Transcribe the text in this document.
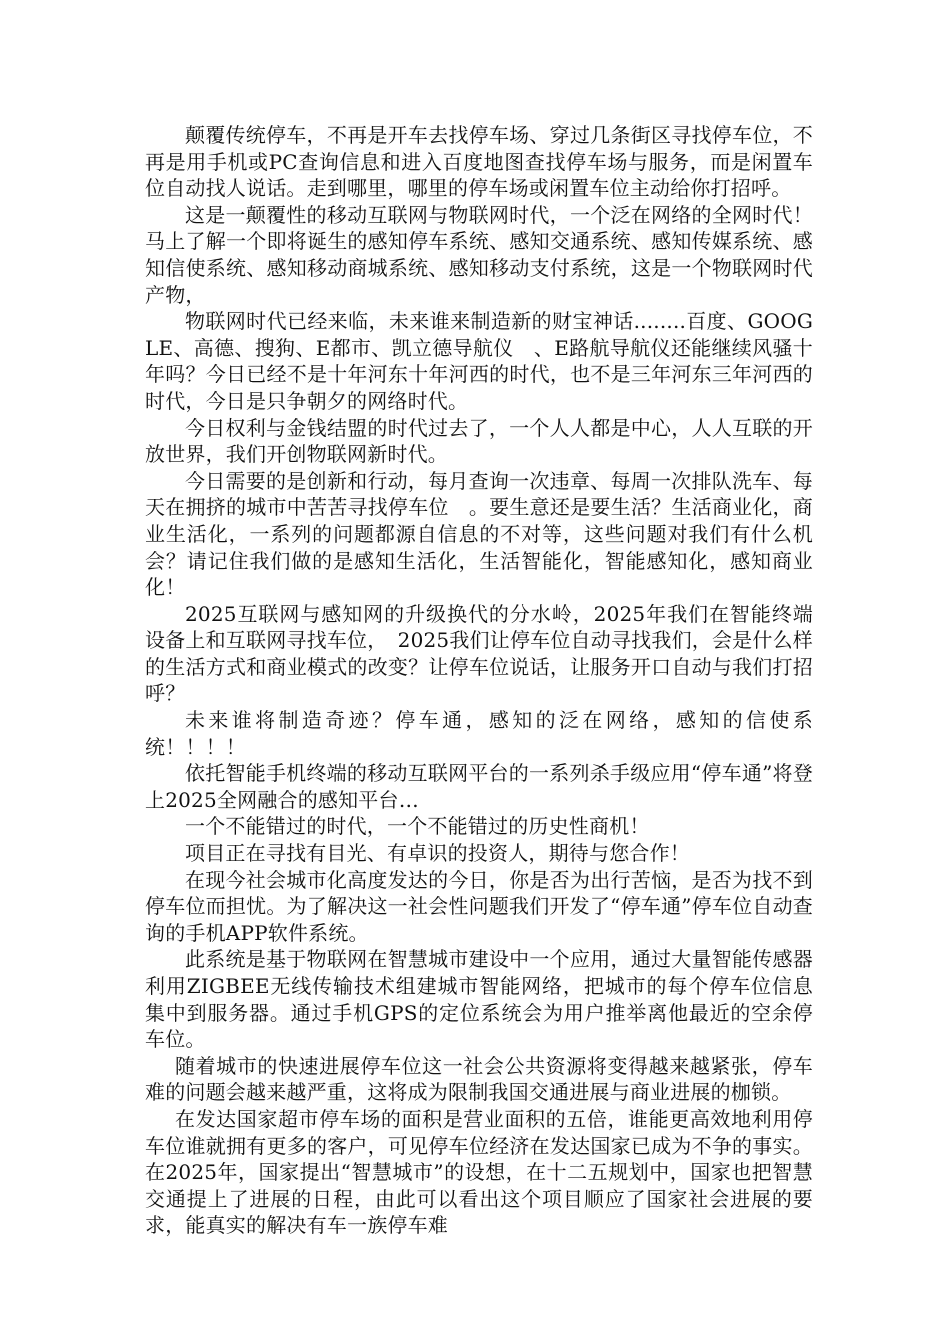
颠覆传统停车，不再是开车去找停车场、穿过几条街区寻找停车位，不再是用手机或PC查询信息和进入百度地图查找停车场与服务，而是闲置车位自动找人说话。走到哪里，哪里的停车场或闲置车位主动给你打招呼。

这是一颠覆性的移动互联网与物联网时代，一个泛在网络的全网时代！马上了解一个即将诞生的感知停车系统、感知交通系统、感知传媒系统、感知信使系统、感知移动商城系统、感知移动支付系统，这是一个物联网时代产物，

物联网时代已经来临，未来谁来制造新的财宝神话........百度、GOOGLE、高德、搜狗、E都市、凯立德导航仪　、E路航导航仪还能继续风骚十年吗？今日已经不是十年河东十年河西的时代，也不是三年河东三年河西的时代，今日是只争朝夕的网络时代。

今日权利与金钱结盟的时代过去了，一个人人都是中心，人人互联的开放世界，我们开创物联网新时代。

今日需要的是创新和行动，每月查询一次违章、每周一次排队洗车、每天在拥挤的城市中苦苦寻找停车位　。要生意还是要生活？生活商业化，商业生活化，一系列的问题都源自信息的不对等，这些问题对我们有什么机会？请记住我们做的是感知生活化，生活智能化，智能感知化，感知商业化！

2025互联网与感知网的升级换代的分水岭，2025年我们在智能终端设备上和互联网寻找车位，　2025我们让停车位自动寻找我们，会是什么样的生活方式和商业模式的改变？让停车位说话，让服务开口自动与我们打招呼？

未来谁将制造奇迹？停车通，感知的泛在网络，感知的信使系统！！！！

依托智能手机终端的移动互联网平台的一系列杀手级应用“停车通”将登上2025全网融合的感知平台…

一个不能错过的时代，一个不能错过的历史性商机！

项目正在寻找有目光、有卓识的投资人，期待与您合作！

在现今社会城市化高度发达的今日，你是否为出行苦恼，是否为找不到停车位而担忧。为了解决这一社会性问题我们开发了“停车通”停车位自动查询的手机APP软件系统。

此系统是基于物联网在智慧城市建设中一个应用，通过大量智能传感器利用ZIGBEE无线传输技术组建城市智能网络，把城市的每个停车位信息集中到服务器。通过手机GPS的定位系统会为用户推举离他最近的空余停车位。

随着城市的快速进展停车位这一社会公共资源将变得越来越紧张，停车难的问题会越来越严重，这将成为限制我国交通进展与商业进展的枷锁。

在发达国家超市停车场的面积是营业面积的五倍，谁能更高效地利用停车位谁就拥有更多的客户，可见停车位经济在发达国家已成为不争的事实。在2025年，国家提出“智慧城市”的设想，在十二五规划中，国家也把智慧交通提上了进展的日程，由此可以看出这个项目顺应了国家社会进展的要求，能真实的解决有车一族停车难
